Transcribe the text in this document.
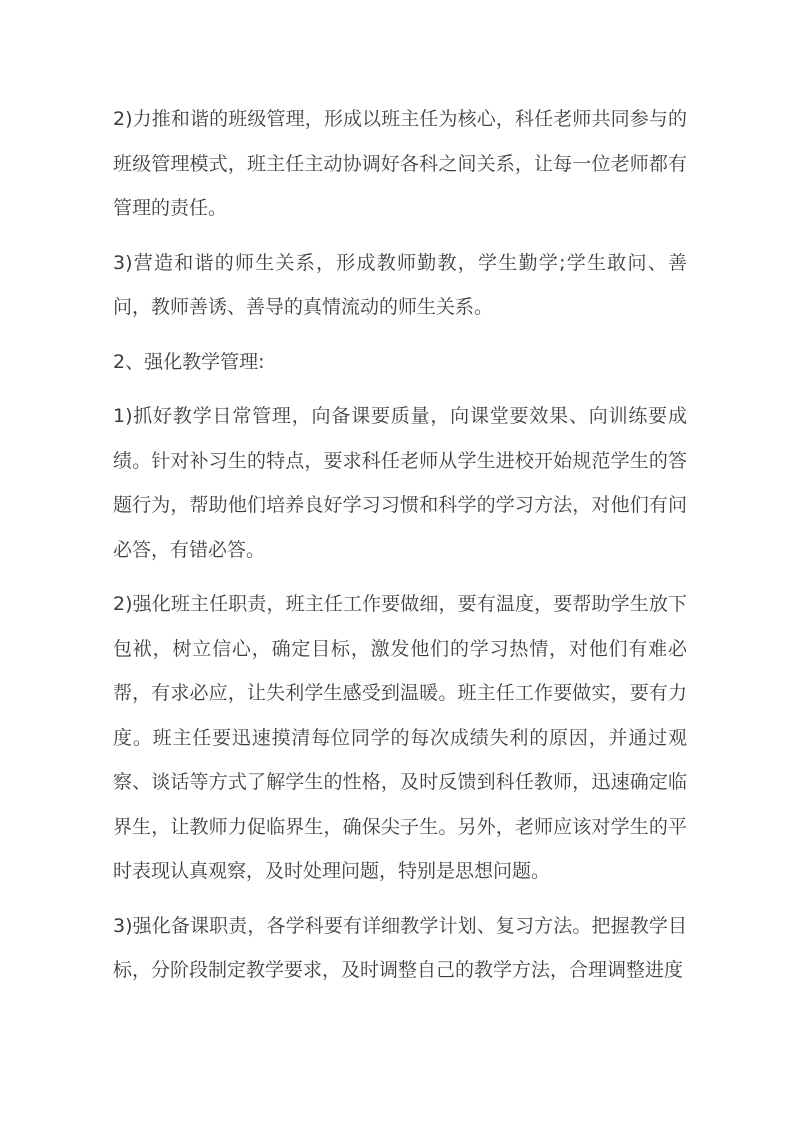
2)力推和谐的班级管理，形成以班主任为核心，科任老师共同参与的班级管理模式，班主任主动协调好各科之间关系，让每一位老师都有管理的责任。

3)营造和谐的师生关系，形成教师勤教，学生勤学;学生敢问、善问，教师善诱、善导的真情流动的师生关系。

2、强化教学管理:

1)抓好教学日常管理，向备课要质量，向课堂要效果、向训练要成绩。针对补习生的特点，要求科任老师从学生进校开始规范学生的答题行为，帮助他们培养良好学习习惯和科学的学习方法，对他们有问必答，有错必答。

2)强化班主任职责，班主任工作要做细，要有温度，要帮助学生放下包袱，树立信心，确定目标，激发他们的学习热情，对他们有难必帮，有求必应，让失利学生感受到温暖。班主任工作要做实，要有力度。班主任要迅速摸清每位同学的每次成绩失利的原因，并通过观察、谈话等方式了解学生的性格，及时反馈到科任教师，迅速确定临界生，让教师力促临界生，确保尖子生。另外，老师应该对学生的平时表现认真观察，及时处理问题，特别是思想问题。

3)强化备课职责，各学科要有详细教学计划、复习方法。把握教学目标，分阶段制定教学要求，及时调整自己的教学方法，合理调整进度
